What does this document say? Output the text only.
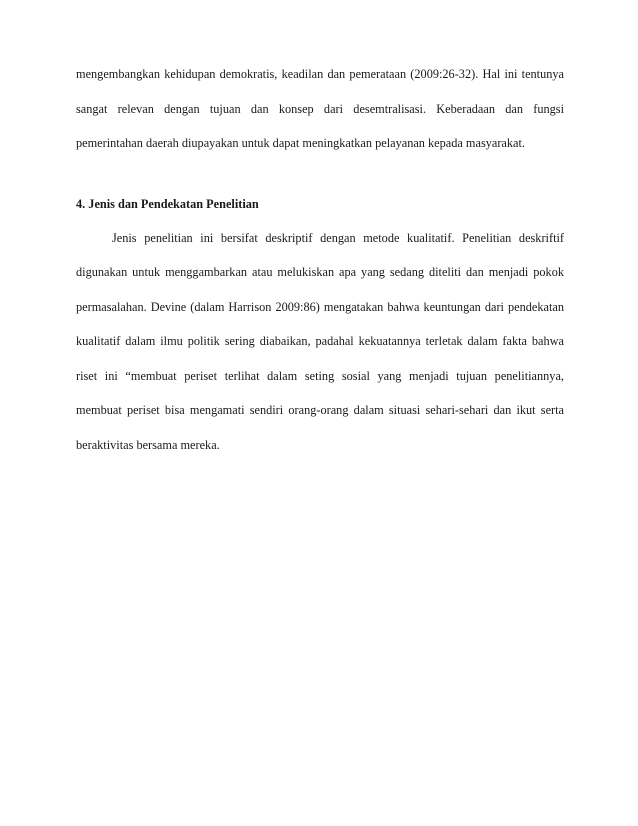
mengembangkan kehidupan demokratis, keadilan dan pemerataan (2009:26-32). Hal ini tentunya
sangat relevan dengan tujuan dan konsep dari desemtralisasi. Keberadaan dan fungsi
pemerintahan daerah diupayakan untuk dapat meningkatkan pelayanan kepada masyarakat.
4. Jenis dan Pendekatan Penelitian
Jenis penelitian ini bersifat deskriptif dengan metode kualitatif. Penelitian deskriftif
digunakan untuk menggambarkan atau melukiskan apa yang sedang diteliti dan menjadi pokok
permasalahan. Devine (dalam Harrison 2009:86) mengatakan bahwa keuntungan dari pendekatan
kualitatif dalam ilmu politik sering diabaikan, padahal kekuatannya terletak dalam fakta bahwa
riset ini “membuat periset terlihat dalam seting sosial yang menjadi tujuan penelitiannya,
membuat periset bisa mengamati sendiri orang-orang dalam situasi sehari-sehari dan ikut serta
beraktivitas bersama mereka.
